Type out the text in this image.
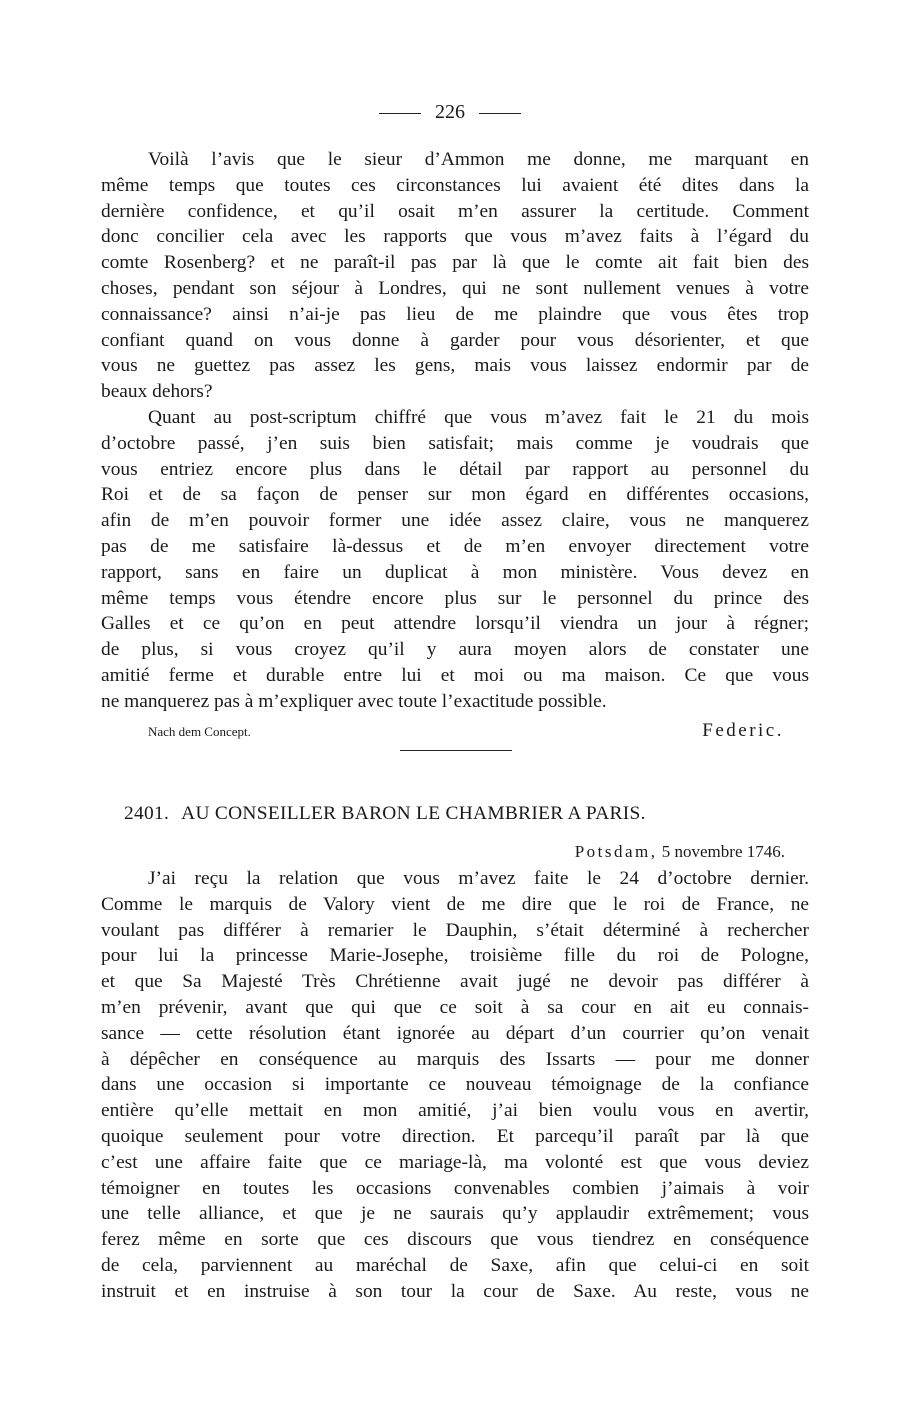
226
Voilà l’avis que le sieur d’Ammon me donne, me marquant en
même temps que toutes ces circonstances lui avaient été dites dans la
dernière confidence, et qu’il osait m’en assurer la certitude. Comment
donc concilier cela avec les rapports que vous m’avez faits à l’égard du
comte Rosenberg? et ne paraît-il pas par là que le comte ait fait bien des
choses, pendant son séjour à Londres, qui ne sont nullement venues à votre
connaissance? ainsi n’ai-je pas lieu de me plaindre que vous êtes trop
confiant quand on vous donne à garder pour vous désorienter, et que
vous ne guettez pas assez les gens, mais vous laissez endormir par de
beaux dehors?
Quant au post-scriptum chiffré que vous m’avez fait le 21 du mois
d’octobre passé, j’en suis bien satisfait; mais comme je voudrais que
vous entriez encore plus dans le détail par rapport au personnel du
Roi et de sa façon de penser sur mon égard en différentes occasions,
afin de m’en pouvoir former une idée assez claire, vous ne manquerez
pas de me satisfaire là-dessus et de m’en envoyer directement votre
rapport, sans en faire un duplicat à mon ministère. Vous devez en
même temps vous étendre encore plus sur le personnel du prince des
Galles et ce qu’on en peut attendre lorsqu’il viendra un jour à régner;
de plus, si vous croyez qu’il y aura moyen alors de constater une
amitié ferme et durable entre lui et moi ou ma maison. Ce que vous
ne manquerez pas à m’expliquer avec toute l’exactitude possible.
Nach dem Concept.	Federic.
2401. AU CONSEILLER BARON LE CHAMBRIER A PARIS.
Potsdam, 5 novembre 1746.
J’ai reçu la relation que vous m’avez faite le 24 d’octobre dernier.
Comme le marquis de Valory vient de me dire que le roi de France, ne
voulant pas différer à remarier le Dauphin, s’était déterminé à rechercher
pour lui la princesse Marie-Josephe, troisième fille du roi de Pologne,
et que Sa Majesté Très Chrétienne avait jugé ne devoir pas différer à
m’en prévenir, avant que qui que ce soit à sa cour en ait eu connais-
sance — cette résolution étant ignorée au départ d’un courrier qu’on venait
à dépêcher en conséquence au marquis des Issarts — pour me donner
dans une occasion si importante ce nouveau témoignage de la confiance
entière qu’elle mettait en mon amitié, j’ai bien voulu vous en avertir,
quoique seulement pour votre direction. Et parcequ’il paraît par là que
c’est une affaire faite que ce mariage-là, ma volonté est que vous deviez
témoigner en toutes les occasions convenables combien j’aimais à voir
une telle alliance, et que je ne saurais qu’y applaudir extrêmement; vous
ferez même en sorte que ces discours que vous tiendrez en conséquence
de cela, parviennent au maréchal de Saxe, afin que celui-ci en soit
instruit et en instruise à son tour la cour de Saxe. Au reste, vous ne
